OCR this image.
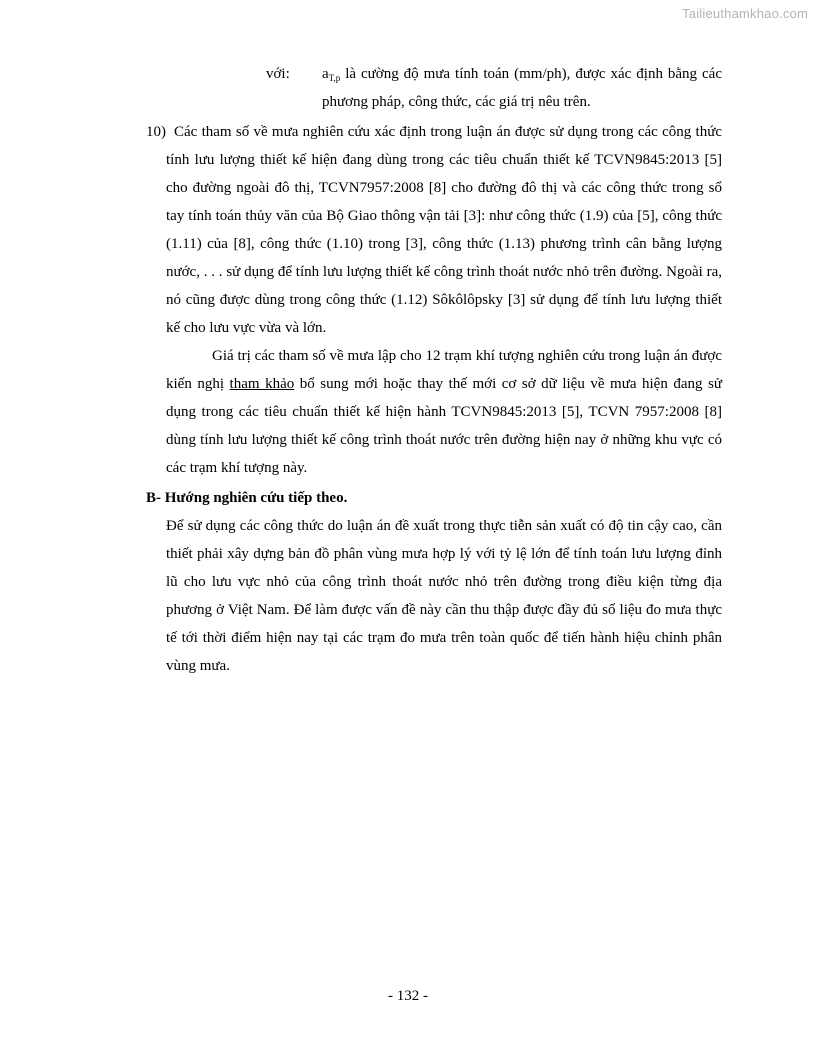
Tailieuthamkhao.com
với: $a_{T,p}$ là cường độ mưa tính toán (mm/ph), được xác định bằng các phương pháp, công thức, các giá trị nêu trên.
10) Các tham số về mưa nghiên cứu xác định trong luận án được sử dụng trong các công thức tính lưu lượng thiết kế hiện đang dùng trong các tiêu chuẩn thiết kế TCVN9845:2013 [5] cho đường ngoài đô thị, TCVN7957:2008 [8] cho đường đô thị và các công thức trong sổ tay tính toán thủy văn của Bộ Giao thông vận tải [3]: như công thức (1.9) của [5], công thức (1.11) của [8], công thức (1.10) trong [3], công thức (1.13) phương trình cân bằng lượng nước, . . . sử dụng để tính lưu lượng thiết kế công trình thoát nước nhỏ trên đường. Ngoài ra, nó cũng được dùng trong công thức (1.12) Sôkôlôpsky [3] sử dụng để tính lưu lượng thiết kế cho lưu vực vừa và lớn.
Giá trị các tham số về mưa lập cho 12 trạm khí tượng nghiên cứu trong luận án được kiến nghị tham khảo bổ sung mới hoặc thay thế mới cơ sở dữ liệu về mưa hiện đang sử dụng trong các tiêu chuẩn thiết kế hiện hành TCVN9845:2013 [5], TCVN 7957:2008 [8] dùng tính lưu lượng thiết kế công trình thoát nước trên đường hiện nay ở những khu vực có các trạm khí tượng này.
B- Hướng nghiên cứu tiếp theo.
Để sử dụng các công thức do luận án đề xuất trong thực tiễn sản xuất có độ tin cậy cao, cần thiết phải xây dựng bản đồ phân vùng mưa hợp lý với tỷ lệ lớn để tính toán lưu lượng đỉnh lũ cho lưu vực nhỏ của công trình thoát nước nhỏ trên đường trong điều kiện từng địa phương ở Việt Nam. Để làm được vấn đề này cần thu thập được đầy đủ số liệu đo mưa thực tế tới thời điểm hiện nay tại các trạm đo mưa trên toàn quốc để tiến hành hiệu chỉnh phân vùng mưa.
- 132 -
